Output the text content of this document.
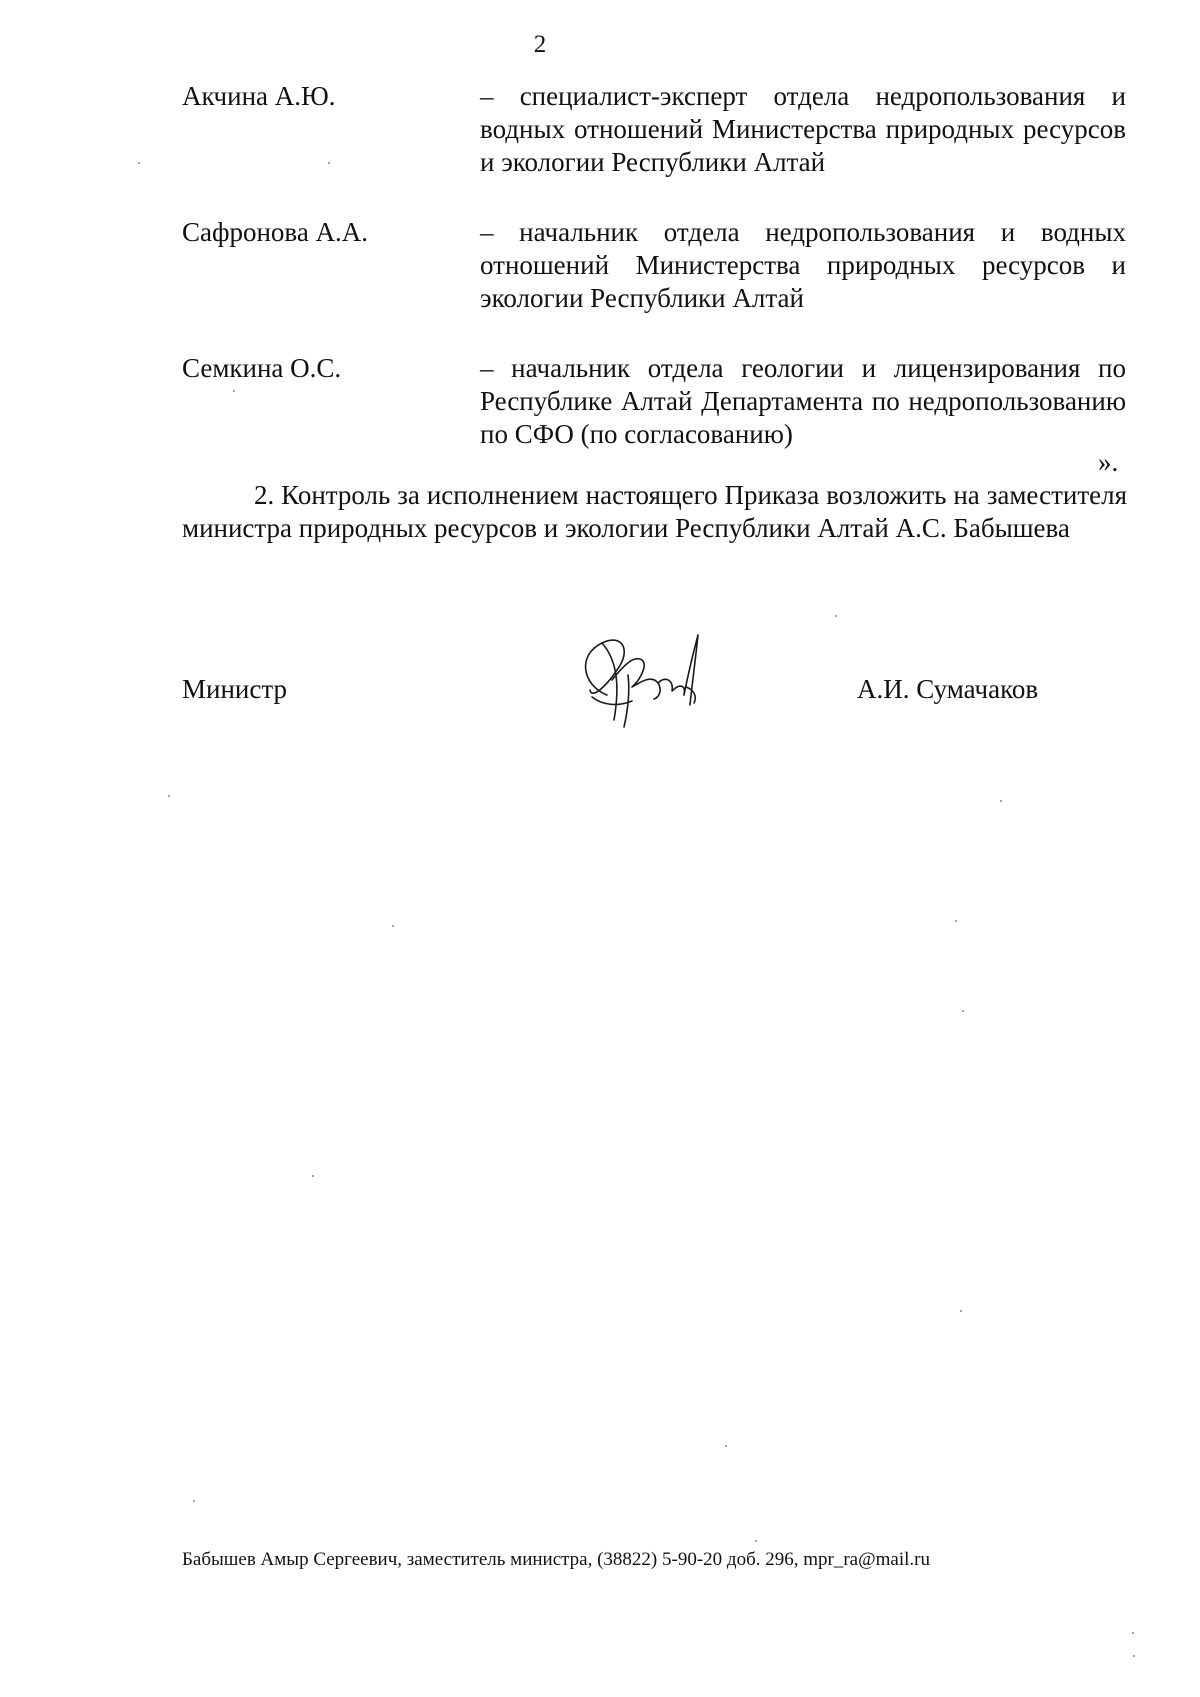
2
Акчина А.Ю.	– специалист-эксперт отдела недропользования и водных отношений Министерства природных ресурсов и экологии Республики Алтай
Сафронова А.А.	– начальник отдела недропользования и водных отношений Министерства природных ресурсов и экологии Республики Алтай
Семкина О.С.	– начальник отдела геологии и лицензирования по Республике Алтай Департамента по недропользованию по СФО (по согласованию)
».
2. Контроль за исполнением настоящего Приказа возложить на заместителя министра природных ресурсов и экологии Республики Алтай А.С. Бабышева
Министр	А.И. Сумачаков
Бабышев Амыр Сергеевич, заместитель министра, (38822) 5-90-20 доб. 296, mpr_ra@mail.ru
